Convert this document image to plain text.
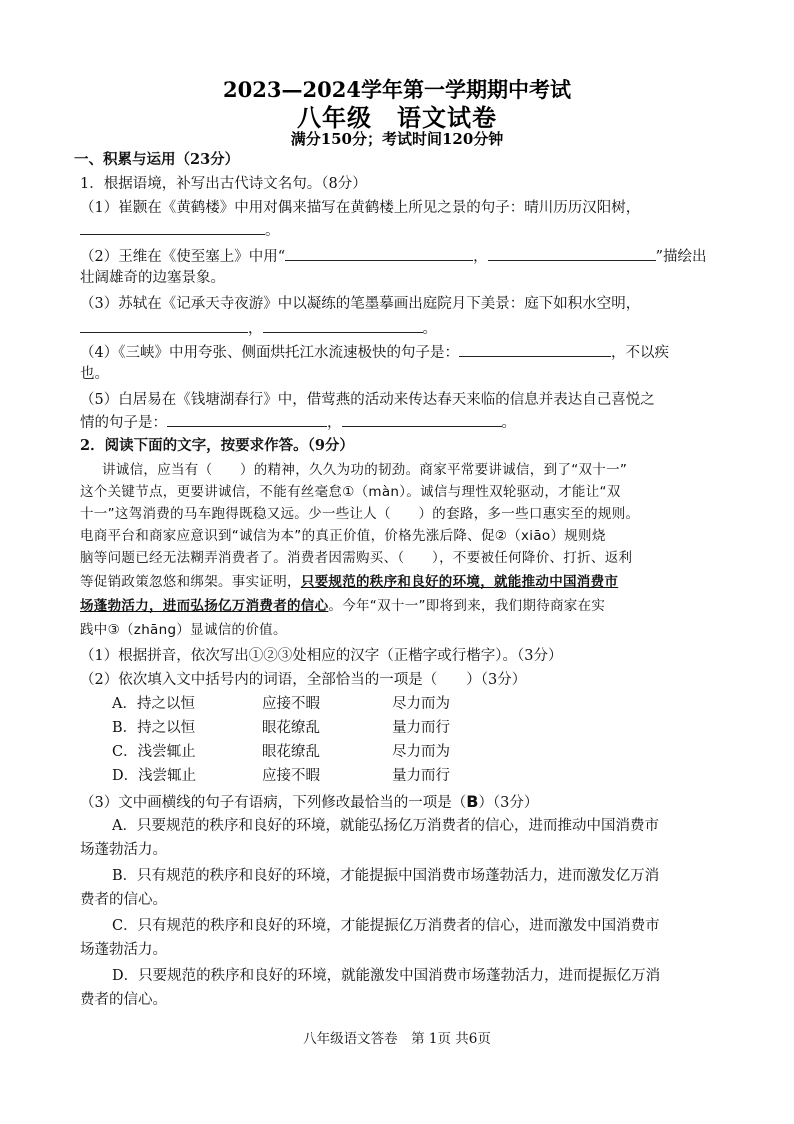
2023—2024学年第一学期期中考试
八年级　语文试卷
满分150分；考试时间120分钟
一、积累与运用（23分）
1．根据语境，补写出古代诗文名句。（8分）
（1）崔颢在《黄鹤楼》中用对偶来描写在黄鹤楼上所见之景的句子：晴川历历汉阳树，
。
（2）王维在《使至塞上》中用“	，	”描绘出
壮阔雄奇的边塞景象。
（3）苏轼在《记承天寺夜游》中以凝练的笔墨摹画出庭院月下美景：庭下如积水空明，
，	。
（4）《三峡》中用夸张、侧面烘托江水流速极快的句子是：	，不以疾
也。
（5）白居易在《钱塘湖春行》中，借莺燕的活动来传达春天来临的信息并表达自己喜悦之
情的句子是：	，	。
2．阅读下面的文字，按要求作答。（9分）
讲诚信，应当有（　　）的精神，久久为功的韧劲。商家平常要讲诚信，到了“双十一”
这个关键节点，更要讲诚信，不能有丝毫怠①（màn）。诚信与理性双轮驱动，才能让“双
十一”这驾消费的马车跑得既稳又远。少一些让人（　　）的套路，多一些口惠实至的规则。
电商平台和商家应意识到“诚信为本”的真正价值，价格先涨后降、促②（xiāo）规则烧
脑等问题已经无法糊弄消费者了。消费者因需购买、（　　），不要被任何降价、打折、返利
等促销政策忽悠和绑架。事实证明，只要规范的秩序和良好的环境，就能推动中国消费市
场蓬勃活力，进而弘扬亿万消费者的信心。今年“双十一”即将到来，我们期待商家在实
践中③（zhāng）显诚信的价值。
（1）根据拼音，依次写出①②③处相应的汉字（正楷字或行楷字）。（3分）
（2）依次填入文中括号内的词语，全部恰当的一项是（　　）（3分）
A．持之以恒	应接不暇	尽力而为
B．持之以恒	眼花缭乱	量力而行
C．浅尝辄止	眼花缭乱	尽力而为
D．浅尝辄止	应接不暇	量力而行
（3）文中画横线的句子有语病，下列修改最恰当的一项是（B）（3分）
A．只要规范的秩序和良好的环境，就能弘扬亿万消费者的信心，进而推动中国消费市
场蓬勃活力。
B．只有规范的秩序和良好的环境，才能提振中国消费市场蓬勃活力，进而激发亿万消
费者的信心。
C．只有规范的秩序和良好的环境，才能提振亿万消费者的信心，进而激发中国消费市
场蓬勃活力。
D．只要规范的秩序和良好的环境，就能激发中国消费市场蓬勃活力，进而提振亿万消
费者的信心。
八年级语文答卷　第 1页 共6页
